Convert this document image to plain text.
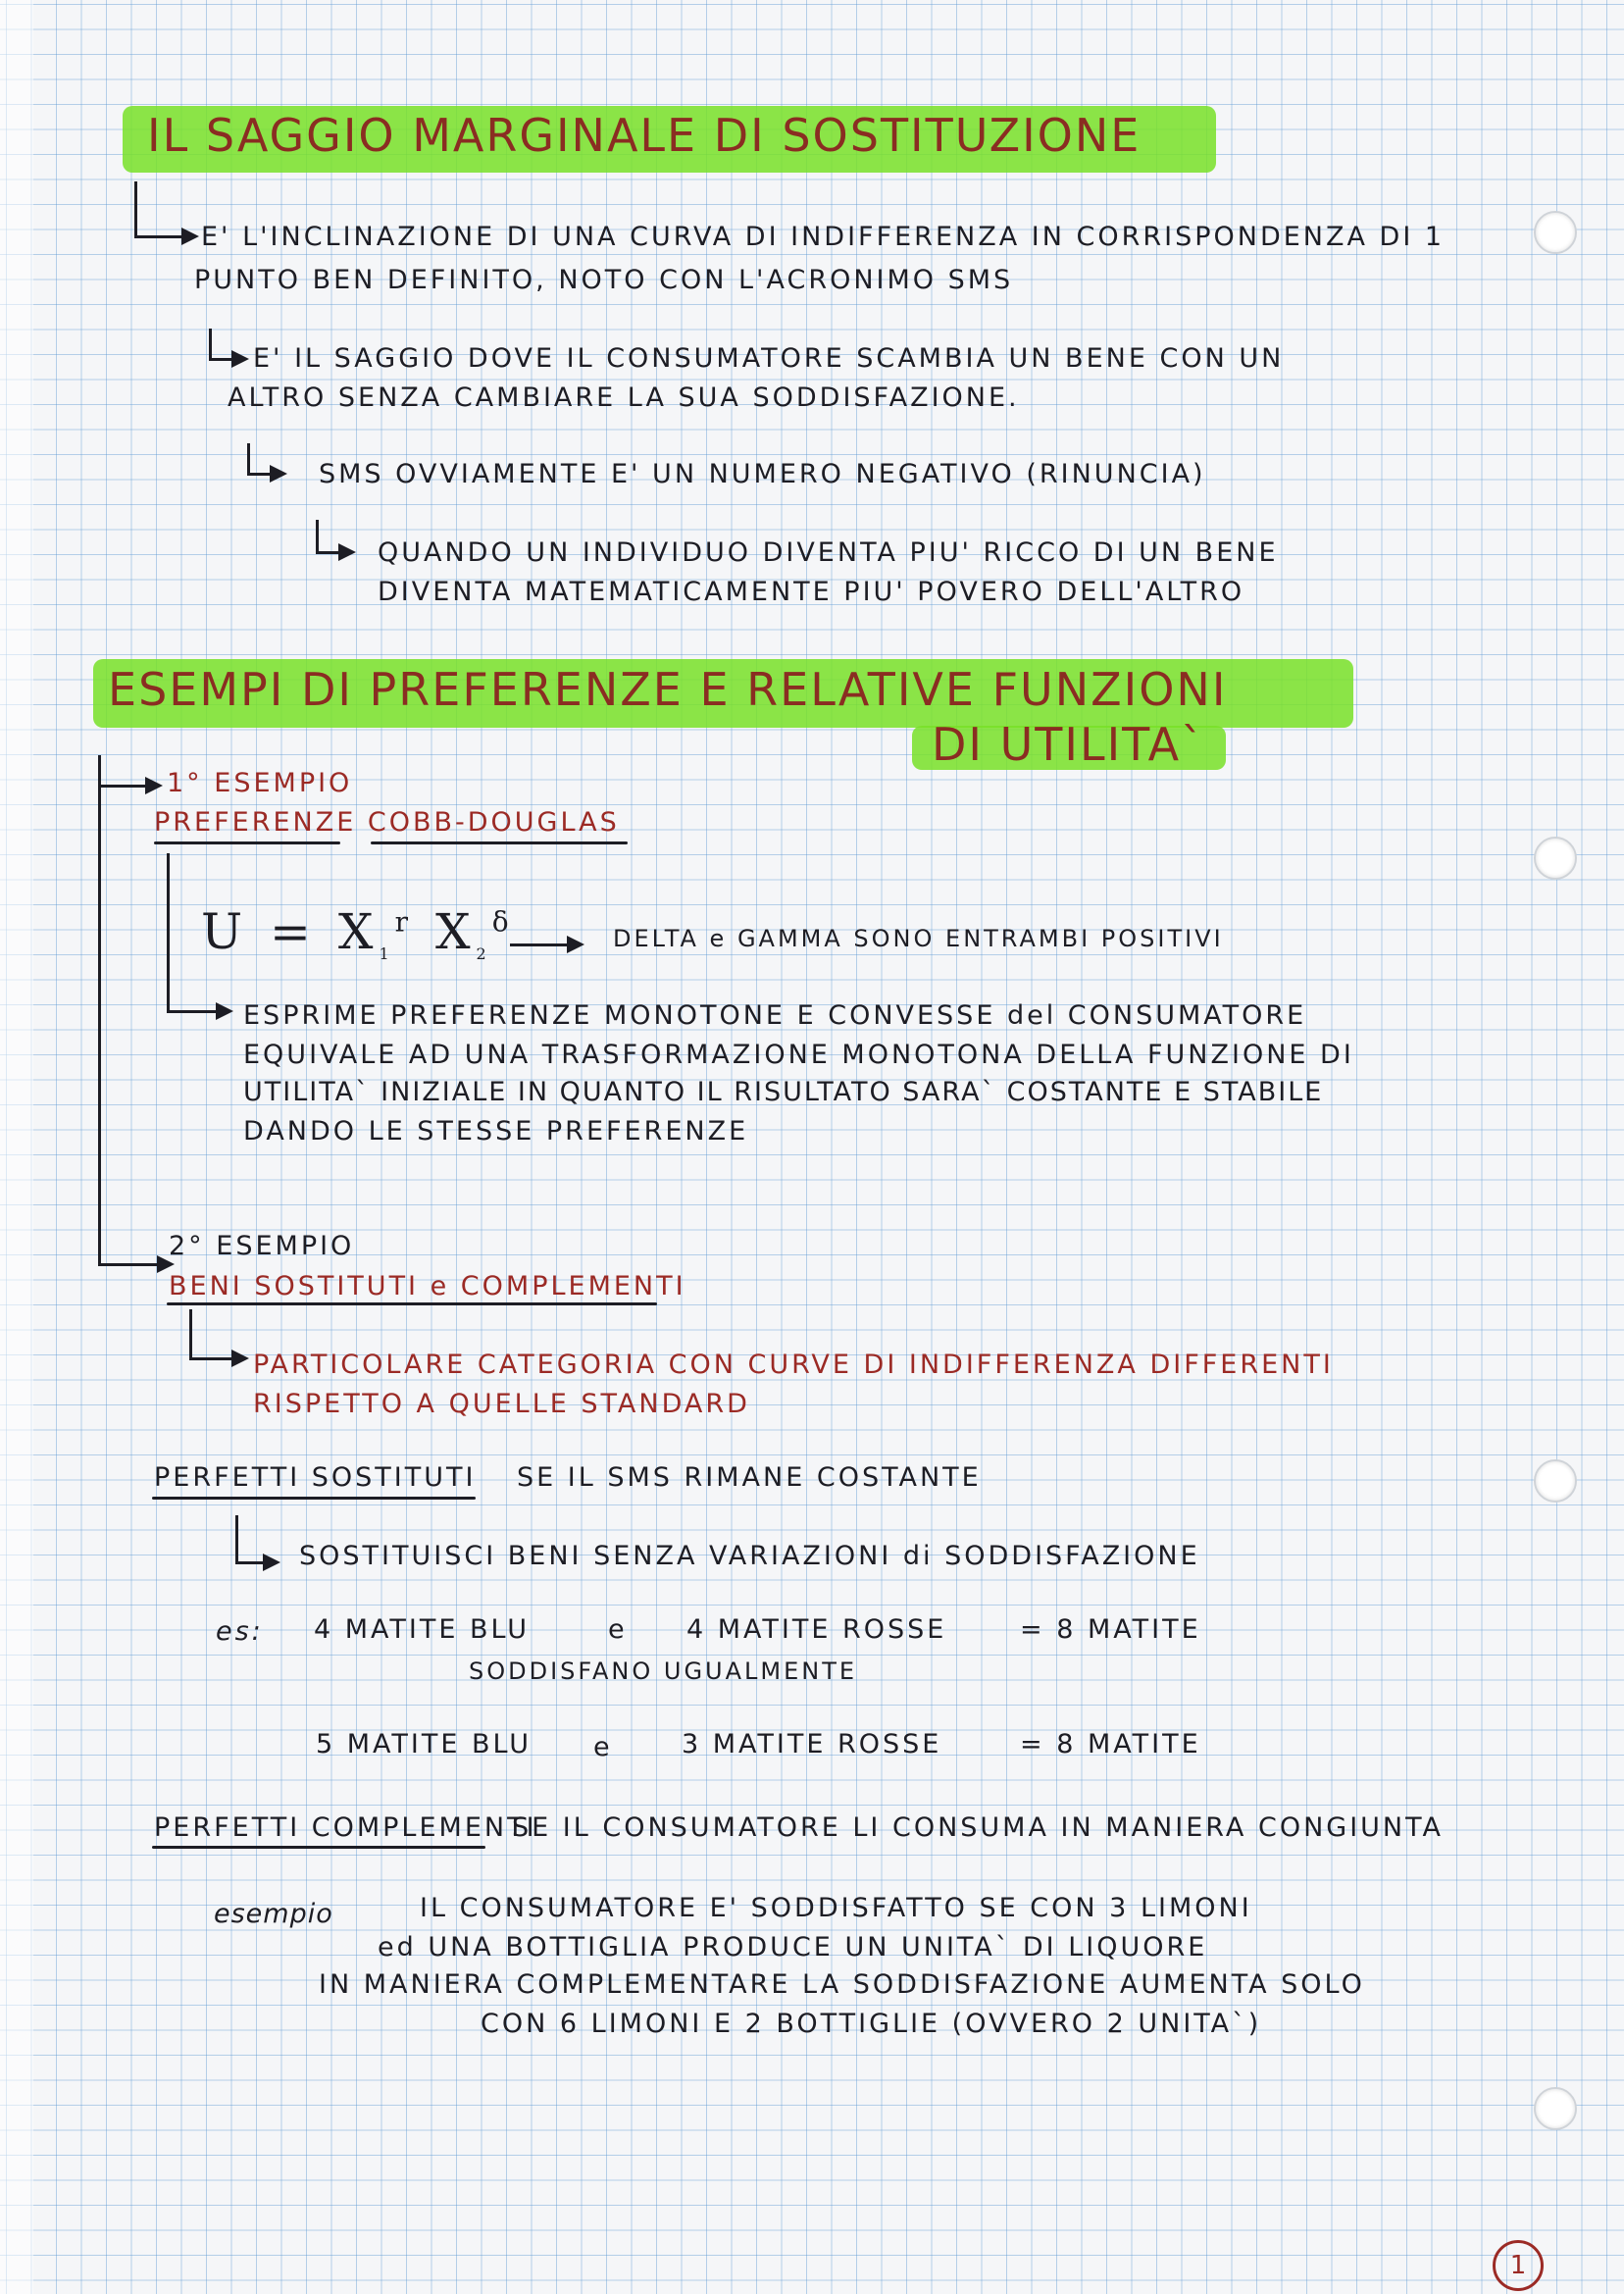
IL SAGGIO MARGINALE DI SOSTITUZIONE
E' L'INCLINAZIONE DI UNA CURVA DI INDIFFERENZA IN CORRISPONDENZA DI 1
PUNTO BEN DEFINITO, NOTO CON L'ACRONIMO SMS
E' IL SAGGIO DOVE IL CONSUMATORE SCAMBIA UN BENE CON UN
ALTRO SENZA CAMBIARE LA SUA SODDISFAZIONE.
SMS OVVIAMENTE E' UN NUMERO NEGATIVO (RINUNCIA)
QUANDO UN INDIVIDUO DIVENTA PIU' RICCO DI UN BENE
DIVENTA MATEMATICAMENTE PIU' POVERO DELL'ALTRO
ESEMPI DI PREFERENZE E RELATIVE FUNZIONI
DI UTILITA`
1° ESEMPIO
PREFERENZE COBB-DOUGLAS
$U = X_1^r$ $X_2^\delta$
DELTA e GAMMA SONO ENTRAMBI POSITIVI
ESPRIME PREFERENZE MONOTONE E CONVESSE del CONSUMATORE
EQUIVALE AD UNA TRASFORMAZIONE MONOTONA DELLA FUNZIONE DI
UTILITA` INIZIALE IN QUANTO IL RISULTATO SARA` COSTANTE E STABILE
DANDO LE STESSE PREFERENZE
2° ESEMPIO
BENI SOSTITUTI e COMPLEMENTI
PARTICOLARE CATEGORIA CON CURVE DI INDIFFERENZA DIFFERENTI
RISPETTO A QUELLE STANDARD
PERFETTI SOSTITUTI SE IL SMS RIMANE COSTANTE
SOSTITUISCI BENI SENZA VARIAZIONI di SODDISFAZIONE
es: 4 MATITE BLU	e 4 MATITE ROSSE	= 8 MATITE
SODDISFANO UGUALMENTE
5 MATITE BLU e	3 MATITE ROSSE	= 8 MATITE
PERFETTI COMPLEMENTI
SE IL CONSUMATORE LI CONSUMA IN MANIERA CONGIUNTA
esempio	IL CONSUMATORE E' SODDISFATTO SE CON 3 LIMONI
ed UNA BOTTIGLIA PRODUCE UN UNITA` DI LIQUORE
IN MANIERA COMPLEMENTARE LA SODDISFAZIONE AUMENTA SOLO
CON 6 LIMONI E 2 BOTTIGLIE (OVVERO 2 UNITA`)
1
